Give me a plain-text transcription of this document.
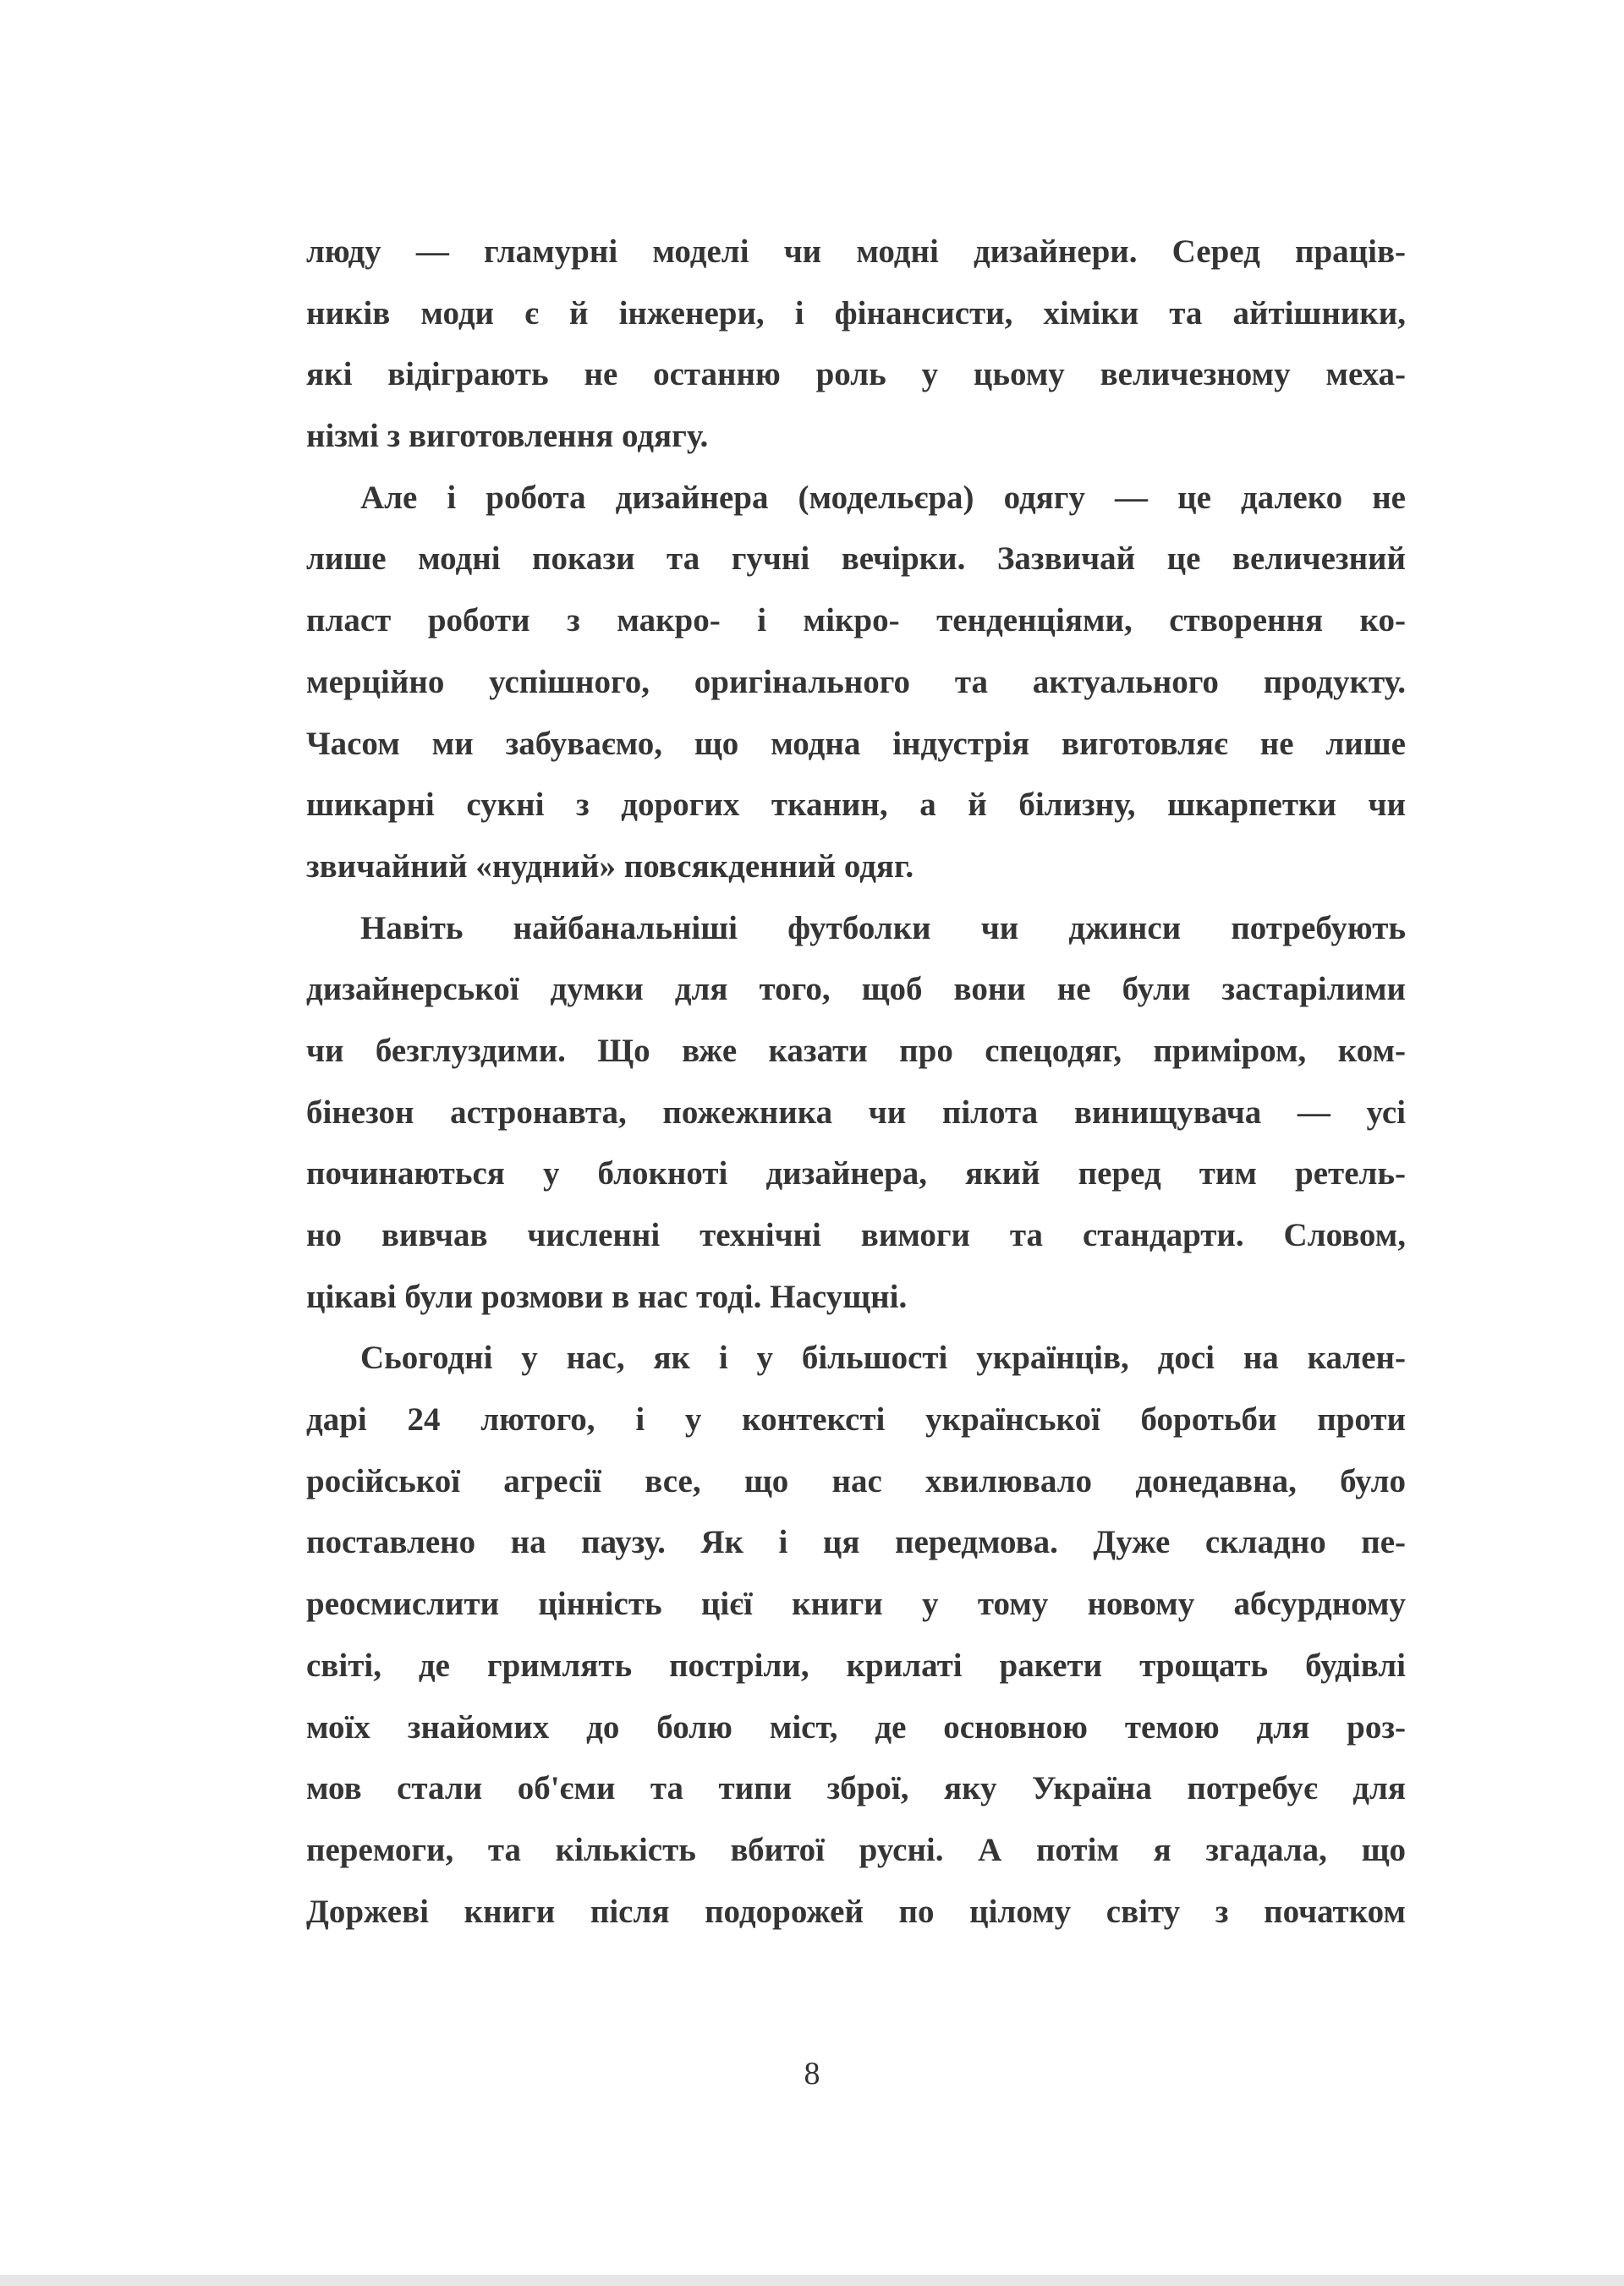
люду — гламурні моделі чи модні дизайнери. Серед працiв-
ників моди є й інженери, і фінансисти, хіміки та айтішники,
які відіграють не останню роль у цьому величезному меха-
нізмі з виготовлення одягу.
Але і робота дизайнера (модельєра) одягу — це далеко не
лише модні покази та гучні вечірки. Зазвичай це величезний
пласт роботи з макро- і мікро- тенденціями, створення ко-
мерційно успішного, оригінального та актуального продукту.
Часом ми забуваємо, що модна індустрія виготовляє не лише
шикарні сукні з дорогих тканин, а й білизну, шкарпетки чи
звичайний «нудний» повсякденний одяг.
Навіть найбанальніші футболки чи джинси потребують
дизайнерської думки для того, щоб вони не були застарілими
чи безглуздими. Що вже казати про спецодяг, приміром, ком-
бінезон астронавта, пожежника чи пілота винищувача — усі
починаються у блокноті дизайнера, який перед тим ретель-
но вивчав численні технічні вимоги та стандарти. Словом,
цікаві були розмови в нас тоді. Насущні.
Сьогодні у нас, як і у більшості українців, досі на кален-
дарі 24 лютого, і у контексті української боротьби проти
російської агресії все, що нас хвилювало донедавна, було
поставлено на паузу. Як і ця передмова. Дуже складно пе-
реосмислити цінність цієї книги у тому новому абсурдному
світі, де гримлять постріли, крилаті ракети трощать будівлі
моїх знайомих до болю міст, де основною темою для роз-
мов стали об'єми та типи зброї, яку Україна потребує для
перемоги, та кількість вбитої русні. А потім я згадала, що
Доржеві книги після подорожей по цілому світу з початком
8
